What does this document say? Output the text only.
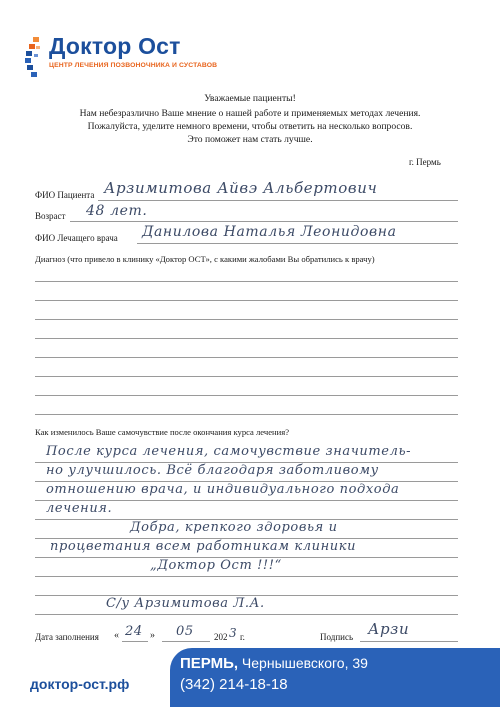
Доктор Ост
ЦЕНТР ЛЕЧЕНИЯ ПОЗВОНОЧНИКА И СУСТАВОВ
Уважаемые пациенты!
Нам небезразлично Ваше мнение о нашей работе и применяемых методах лечения.
Пожалуйста, уделите немного времени, чтобы ответить на несколько вопросов.
Это поможет нам стать лучше.
г. Пермь
ФИО Пациента Арзимитова Айвэ Альбертович
Возраст 48 лет.
ФИО Лечащего врача Данилова Наталья Леонидовна
Диагноз (что привело в клинику «Доктор ОСТ», с какими жалобами Вы обратились к врачу)
Как изменилось Ваше самочувствие после окончания курса лечения?
После курса лечения, самочувствие значитель-
но улучшилось. Всё благодаря заботливому
отношению врача, и индивидуального подхода
лечения.
Добра, крепкого здоровья и
процветания всем работникам клиники
„Доктор Ост !!!“
С/у Арзимитова Л.А.
Дата заполнения « 24 » 05 202 3 г.	Подпись Арзи
доктор-ост.рф
ПЕРМЬ, Чернышевского, 39
(342) 214-18-18
